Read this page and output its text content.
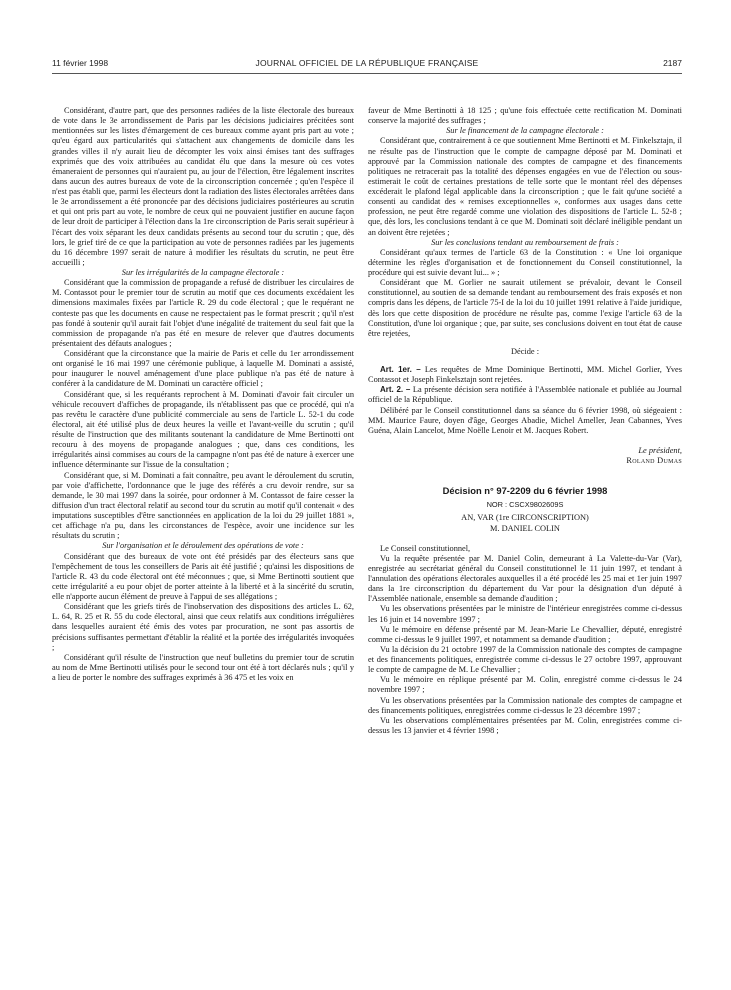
11 février 1998	JOURNAL OFFICIEL DE LA RÉPUBLIQUE FRANÇAISE	2187

Considérant, d'autre part, que des personnes radiées de la liste électorale des bureaux de vote dans le 3e arrondissement de Paris par les décisions judiciaires précitées sont mentionnées sur les listes d'émargement de ces bureaux comme ayant pris part au vote ; qu'eu égard aux particularités qui s'attachent aux changements de domicile dans les grandes villes il n'y aurait lieu de décompter les voix ainsi émises tant des suffrages exprimés que des voix attribuées au candidat élu que dans la mesure où ces votes émaneraient de personnes qui n'auraient pu, au jour de l'élection, être légalement inscrites dans aucun des autres bureaux de vote de la circonscription concernée ; qu'en l'espèce il n'est pas établi que, parmi les électeurs dont la radiation des listes électorales arrêtées dans le 3e arrondissement a été prononcée par des décisions judiciaires postérieures au scrutin et qui ont pris part au vote, le nombre de ceux qui ne pouvaient justifier en aucune façon de leur droit de participer à l'élection dans la 1re circonscription de Paris serait supérieur à l'écart des voix séparant les deux candidats présents au second tour du scrutin ; que, dès lors, le grief tiré de ce que la participation au vote de personnes radiées par les jugements du 16 décembre 1997 serait de nature à modifier les résultats du scrutin, ne peut être accueilli ;

Sur les irrégularités de la campagne électorale :

Considérant que la commission de propagande a refusé de distribuer les circulaires de M. Contassot pour le premier tour de scrutin au motif que ces documents excédaient les dimensions maximales fixées par l'article R. 29 du code électoral ; que le requérant ne conteste pas que les documents en cause ne respectaient pas le format prescrit ; qu'il n'est pas fondé à soutenir qu'il aurait fait l'objet d'une inégalité de traitement du seul fait que la commission de propagande n'a pas été en mesure de relever que d'autres documents présentaient des défauts analogues ;

Considérant que la circonstance que la mairie de Paris et celle du 1er arrondissement ont organisé le 16 mai 1997 une cérémonie publique, à laquelle M. Dominati a assisté, pour inaugurer le nouvel aménagement d'une place publique n'a pas été de nature à conférer à la candidature de M. Dominati un caractère officiel ;

Considérant que, si les requérants reprochent à M. Dominati d'avoir fait circuler un véhicule recouvert d'affiches de propagande, ils n'établissent pas que ce procédé, qui n'a pas revêtu le caractère d'une publicité commerciale au sens de l'article L. 52-1 du code électoral, ait été utilisé plus de deux heures la veille et l'avant-veille du scrutin ; qu'il résulte de l'instruction que des militants soutenant la candidature de Mme Bertinotti ont recouru à des moyens de propagande analogues ; que, dans ces conditions, les irrégularités ainsi commises au cours de la campagne n'ont pas été de nature à exercer une influence déterminante sur l'issue de la consultation ;

Considérant que, si M. Dominati a fait connaître, peu avant le déroulement du scrutin, par voie d'affichette, l'ordonnance que le juge des référés a cru devoir rendre, sur sa demande, le 30 mai 1997 dans la soirée, pour ordonner à M. Contassot de faire cesser la diffusion d'un tract électoral relatif au second tour du scrutin au motif qu'il contenait « des imputations susceptibles d'être sanctionnées en application de la loi du 29 juillet 1881 », cet affichage n'a pu, dans les circonstances de l'espèce, avoir une incidence sur les résultats du scrutin ;

Sur l'organisation et le déroulement des opérations de vote :

Considérant que des bureaux de vote ont été présidés par des électeurs sans que l'empêchement de tous les conseillers de Paris ait été justifié ; qu'ainsi les dispositions de l'article R. 43 du code électoral ont été méconnues ; que, si Mme Bertinotti soutient que cette irrégularité a eu pour objet de porter atteinte à la liberté et à la sincérité du scrutin, elle n'apporte aucun élément de preuve à l'appui de ses allégations ;

Considérant que les griefs tirés de l'inobservation des dispositions des articles L. 62, L. 64, R. 25 et R. 55 du code électoral, ainsi que ceux relatifs aux conditions irrégulières dans lesquelles auraient été émis des votes par procuration, ne sont pas assortis de précisions suffisantes permettant d'établir la réalité et la portée des irrégularités invoquées ;

Considérant qu'il résulte de l'instruction que neuf bulletins du premier tour de scrutin au nom de Mme Bertinotti utilisés pour le second tour ont été à tort déclarés nuls ; qu'il y a lieu de porter le nombre des suffrages exprimés à 36 475 et les voix en

faveur de Mme Bertinotti à 18 125 ; qu'une fois effectuée cette rectification M. Dominati conserve la majorité des suffrages ;

Sur le financement de la campagne électorale :

Considérant que, contrairement à ce que soutiennent Mme Bertinotti et M. Finkelsztajn, il ne résulte pas de l'instruction que le compte de campagne déposé par M. Dominati et approuvé par la Commission nationale des comptes de campagne et des financements politiques ne retracerait pas la totalité des dépenses engagées en vue de l'élection ou sous-estimerait le coût de certaines prestations de telle sorte que le montant réel des dépenses excéderait le plafond légal applicable dans la circonscription ; que le fait qu'une société a consenti au candidat des « remises exceptionnelles », conformes aux usages dans cette profession, ne peut être regardé comme une violation des dispositions de l'article L. 52-8 ; que, dès lors, les conclusions tendant à ce que M. Dominati soit déclaré inéligible pendant un an doivent être rejetées ;

Sur les conclusions tendant au remboursement de frais :

Considérant qu'aux termes de l'article 63 de la Constitution : « Une loi organique détermine les règles d'organisation et de fonctionnement du Conseil constitutionnel, la procédure qui est suivie devant lui... » ;

Considérant que M. Gorlier ne saurait utilement se prévaloir, devant le Conseil constitutionnel, au soutien de sa demande tendant au remboursement des frais exposés et non compris dans les dépens, de l'article 75-I de la loi du 10 juillet 1991 relative à l'aide juridique, dès lors que cette disposition de procédure ne résulte pas, comme l'exige l'article 63 de la Constitution, d'une loi organique ; que, par suite, ses conclusions doivent en tout état de cause être rejetées,

Décide :

Art. 1er. – Les requêtes de Mme Dominique Bertinotti, MM. Michel Gorlier, Yves Contassot et Joseph Finkelsztajn sont rejetées.

Art. 2. – La présente décision sera notifiée à l'Assemblée nationale et publiée au Journal officiel de la République.

Délibéré par le Conseil constitutionnel dans sa séance du 6 février 1998, où siégeaient : MM. Maurice Faure, doyen d'âge, Georges Abadie, Michel Ameller, Jean Cabannes, Yves Guéna, Alain Lancelot, Mme Noëlle Lenoir et M. Jacques Robert.

Le président,

Roland Dumas

Décision n° 97-2209 du 6 février 1998

NOR : CSCX9802609S

AN, VAR (1re CIRCONSCRIPTION)

M. DANIEL COLIN

Le Conseil constitutionnel,

Vu la requête présentée par M. Daniel Colin, demeurant à La Valette-du-Var (Var), enregistrée au secrétariat général du Conseil constitutionnel le 11 juin 1997, et tendant à l'annulation des opérations électorales auxquelles il a été procédé les 25 mai et 1er juin 1997 dans la 1re circonscription du département du Var pour la désignation d'un député à l'Assemblée nationale, ensemble sa demande d'audition ;

Vu les observations présentées par le ministre de l'intérieur enregistrées comme ci-dessus les 16 juin et 14 novembre 1997 ;

Vu le mémoire en défense présenté par M. Jean-Marie Le Chevallier, député, enregistré comme ci-dessus le 9 juillet 1997, et notamment sa demande d'audition ;

Vu la décision du 21 octobre 1997 de la Commission nationale des comptes de campagne et des financements politiques, enregistrée comme ci-dessus le 27 octobre 1997, approuvant le compte de campagne de M. Le Chevallier ;

Vu le mémoire en réplique présenté par M. Colin, enregistré comme ci-dessus le 24 novembre 1997 ;

Vu les observations présentées par la Commission nationale des comptes de campagne et des financements politiques, enregistrées comme ci-dessus le 23 décembre 1997 ;

Vu les observations complémentaires présentées par M. Colin, enregistrées comme ci-dessus les 13 janvier et 4 février 1998 ;
